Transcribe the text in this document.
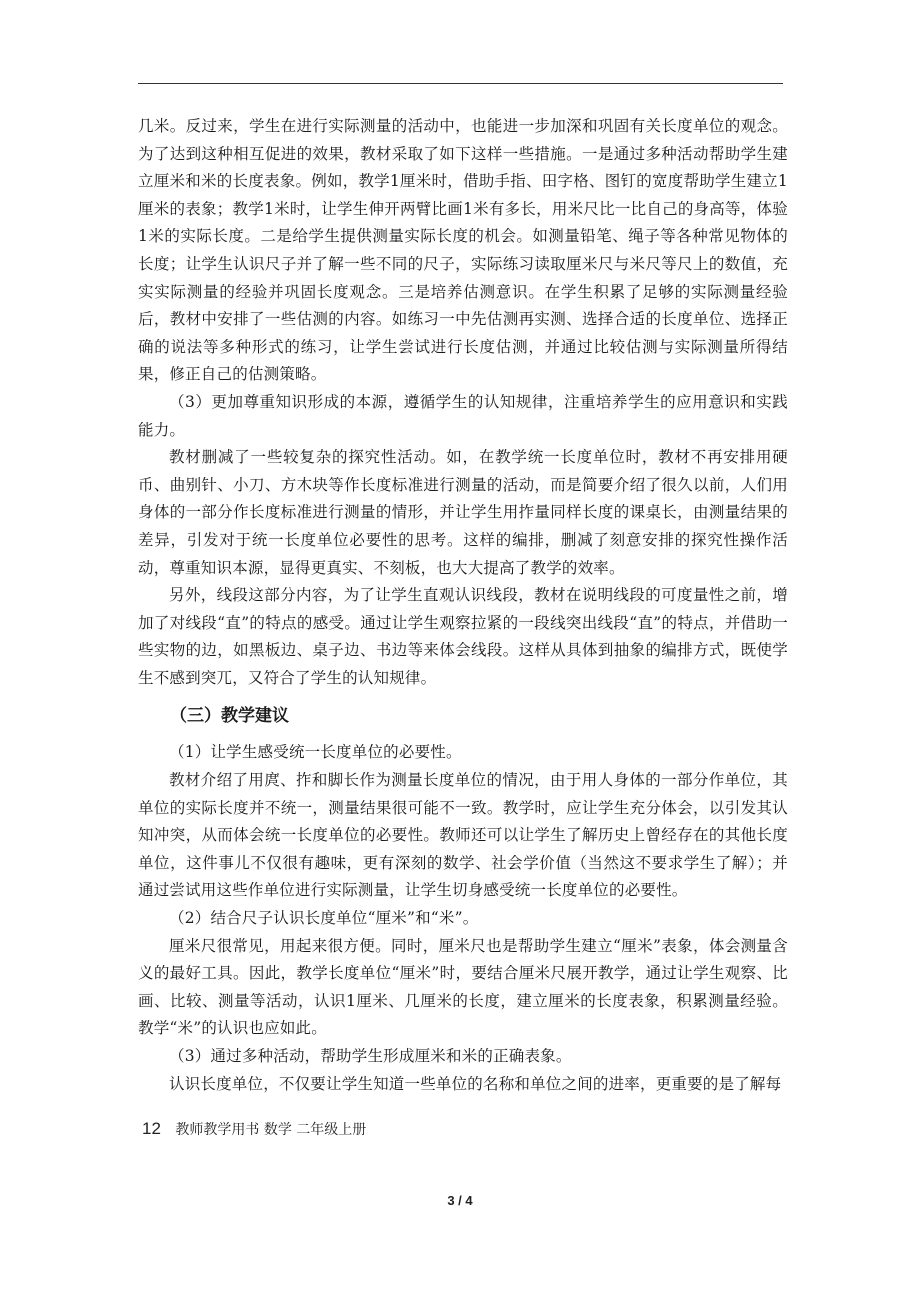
几米。反过来，学生在进行实际测量的活动中，也能进一步加深和巩固有关长度单位的观念。为了达到这种相互促进的效果，教材采取了如下这样一些措施。一是通过多种活动帮助学生建立厘米和米的长度表象。例如，教学1厘米时，借助手指、田字格、图钉的宽度帮助学生建立1厘米的表象；教学1米时，让学生伸开两臂比画1米有多长，用米尺比一比自己的身高等，体验1米的实际长度。二是给学生提供测量实际长度的机会。如测量铅笔、绳子等各种常见物体的长度；让学生认识尺子并了解一些不同的尺子，实际练习读取厘米尺与米尺等尺上的数值，充实实际测量的经验并巩固长度观念。三是培养估测意识。在学生积累了足够的实际测量经验后，教材中安排了一些估测的内容。如练习一中先估测再实测、选择合适的长度单位、选择正确的说法等多种形式的练习，让学生尝试进行长度估测，并通过比较估测与实际测量所得结果，修正自己的估测策略。

（3）更加尊重知识形成的本源，遵循学生的认知规律，注重培养学生的应用意识和实践能力。

教材删减了一些较复杂的探究性活动。如，在教学统一长度单位时，教材不再安排用硬币、曲别针、小刀、方木块等作长度标准进行测量的活动，而是简要介绍了很久以前，人们用身体的一部分作长度标准进行测量的情形，并让学生用拃量同样长度的课桌长，由测量结果的差异，引发对于统一长度单位必要性的思考。这样的编排，删减了刻意安排的探究性操作活动，尊重知识本源，显得更真实、不刻板，也大大提高了教学的效率。

另外，线段这部分内容，为了让学生直观认识线段，教材在说明线段的可度量性之前，增加了对线段“直”的特点的感受。通过让学生观察拉紧的一段线突出线段“直”的特点，并借助一些实物的边，如黑板边、桌子边、书边等来体会线段。这样从具体到抽象的编排方式，既使学生不感到突兀，又符合了学生的认知规律。

（三）教学建议

（1）让学生感受统一长度单位的必要性。

教材介绍了用庹、拃和脚长作为测量长度单位的情况，由于用人身体的一部分作单位，其单位的实际长度并不统一，测量结果很可能不一致。教学时，应让学生充分体会，以引发其认知冲突，从而体会统一长度单位的必要性。教师还可以让学生了解历史上曾经存在的其他长度单位，这件事儿不仅很有趣味，更有深刻的数学、社会学价值（当然这不要求学生了解）；并通过尝试用这些作单位进行实际测量，让学生切身感受统一长度单位的必要性。

（2）结合尺子认识长度单位“厘米”和“米”。

厘米尺很常见，用起来很方便。同时，厘米尺也是帮助学生建立“厘米”表象，体会测量含义的最好工具。因此，教学长度单位“厘米”时，要结合厘米尺展开教学，通过让学生观察、比画、比较、测量等活动，认识1厘米、几厘米的长度，建立厘米的长度表象，积累测量经验。教学“米”的认识也应如此。

（3）通过多种活动，帮助学生形成厘米和米的正确表象。

认识长度单位，不仅要让学生知道一些单位的名称和单位之间的进率，更重要的是了解每

12 教师教学用书 数学 二年级上册
3 / 4
